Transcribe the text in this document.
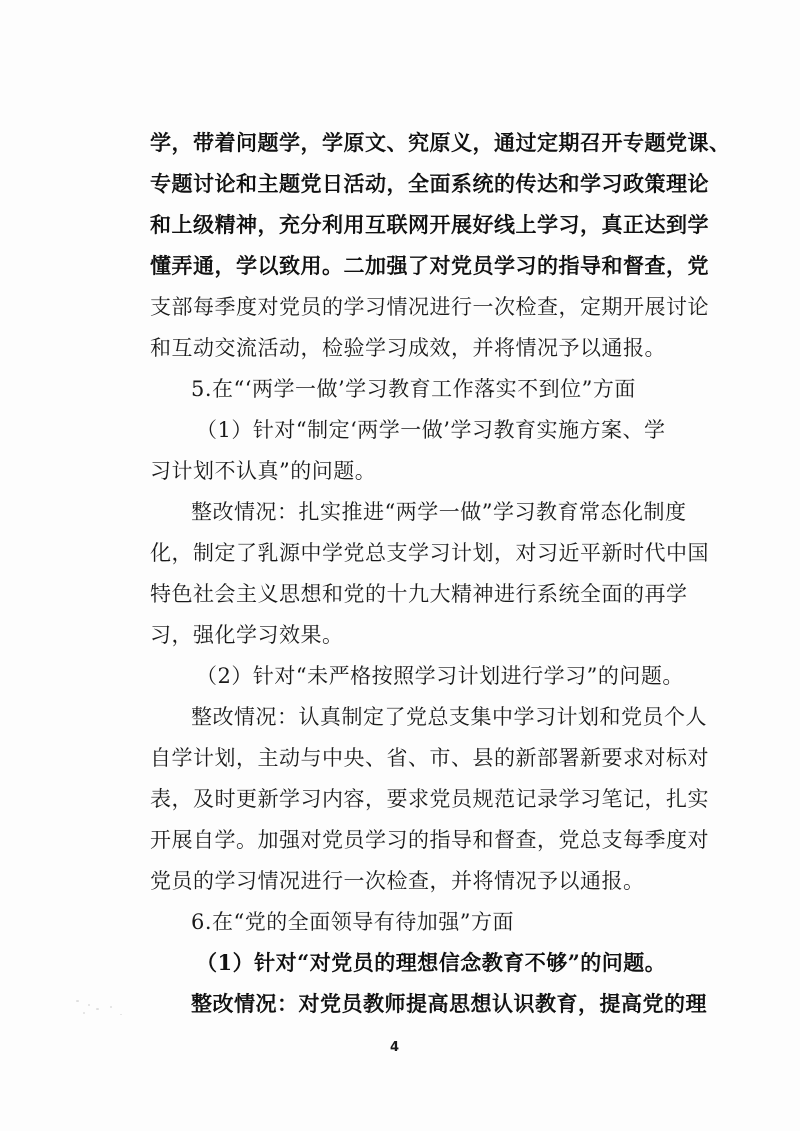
学，带着问题学，学原文、究原义，通过定期召开专题党课、
专题讨论和主题党日活动，全面系统的传达和学习政策理论
和上级精神，充分利用互联网开展好线上学习，真正达到学
懂弄通，学以致用。二加强了对党员学习的指导和督查，党
支部每季度对党员的学习情况进行一次检查，定期开展讨论
和互动交流活动，检验学习成效，并将情况予以通报。
5.在“‘两学一做’学习教育工作落实不到位”方面
（1）针对“制定‘两学一做’学习教育实施方案、学
习计划不认真”的问题。
整改情况：扎实推进“两学一做”学习教育常态化制度
化，制定了乳源中学党总支学习计划，对习近平新时代中国
特色社会主义思想和党的十九大精神进行系统全面的再学
习，强化学习效果。
（2）针对“未严格按照学习计划进行学习”的问题。
整改情况：认真制定了党总支集中学习计划和党员个人
自学计划，主动与中央、省、市、县的新部署新要求对标对
表，及时更新学习内容，要求党员规范记录学习笔记，扎实
开展自学。加强对党员学习的指导和督查，党总支每季度对
党员的学习情况进行一次检查，并将情况予以通报。
6.在“党的全面领导有待加强”方面
（1）针对“对党员的理想信念教育不够”的问题。
整改情况：对党员教师提高思想认识教育，提高党的理
4
